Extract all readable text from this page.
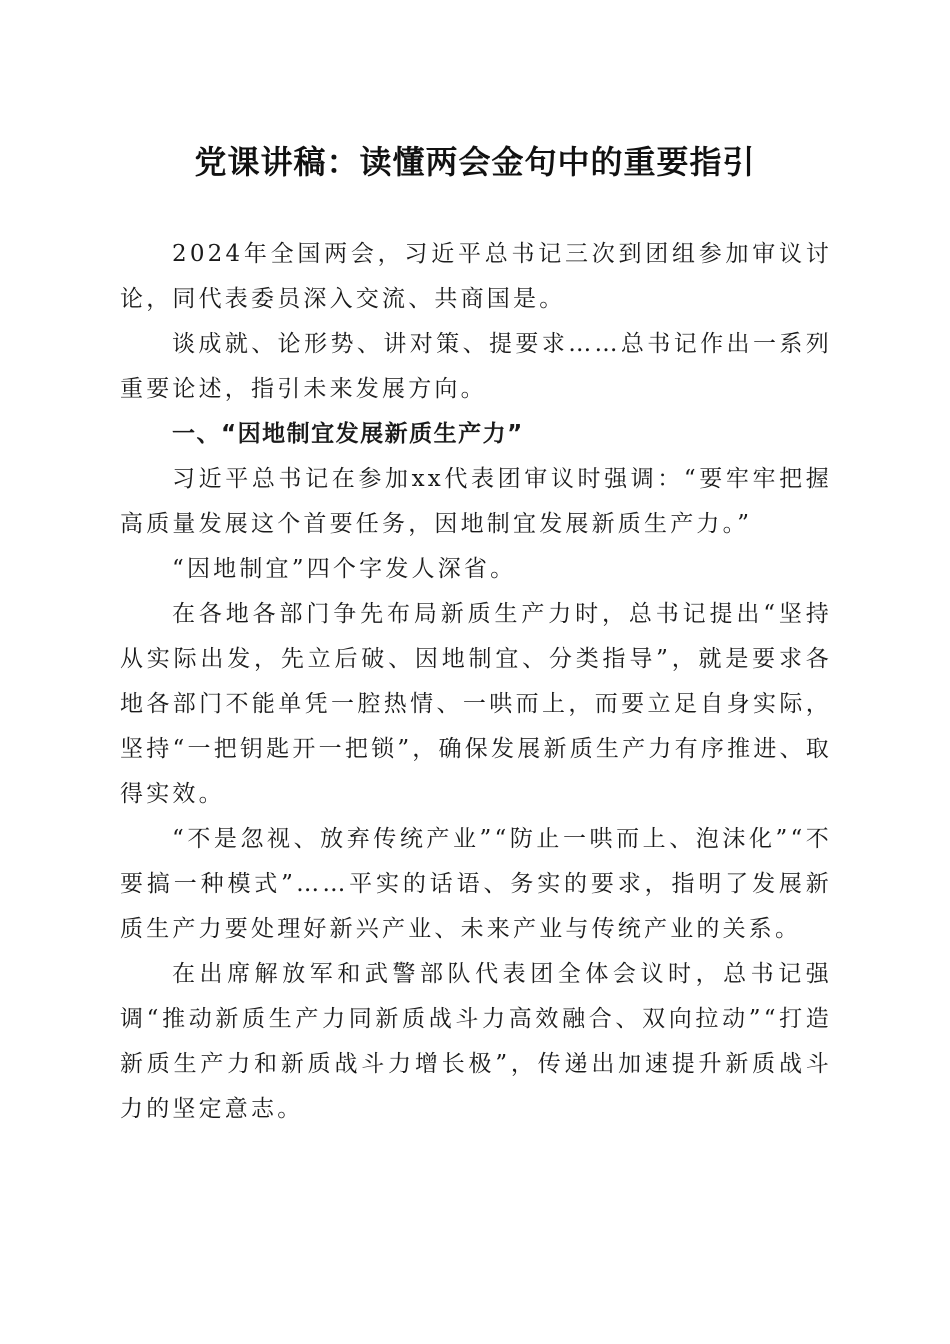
党课讲稿：读懂两会金句中的重要指引

2024年全国两会，习近平总书记三次到团组参加审议讨论，同代表委员深入交流、共商国是。

谈成就、论形势、讲对策、提要求……总书记作出一系列重要论述，指引未来发展方向。

一、“因地制宜发展新质生产力”

习近平总书记在参加xx代表团审议时强调：“要牢牢把握高质量发展这个首要任务，因地制宜发展新质生产力。”

“因地制宜”四个字发人深省。

在各地各部门争先布局新质生产力时，总书记提出“坚持从实际出发，先立后破、因地制宜、分类指导”，就是要求各地各部门不能单凭一腔热情、一哄而上，而要立足自身实际，坚持“一把钥匙开一把锁”，确保发展新质生产力有序推进、取得实效。

“不是忽视、放弃传统产业”“防止一哄而上、泡沫化”“不要搞一种模式”……平实的话语、务实的要求，指明了发展新质生产力要处理好新兴产业、未来产业与传统产业的关系。

在出席解放军和武警部队代表团全体会议时，总书记强调“推动新质生产力同新质战斗力高效融合、双向拉动”“打造新质生产力和新质战斗力增长极”，传递出加速提升新质战斗力的坚定意志。
